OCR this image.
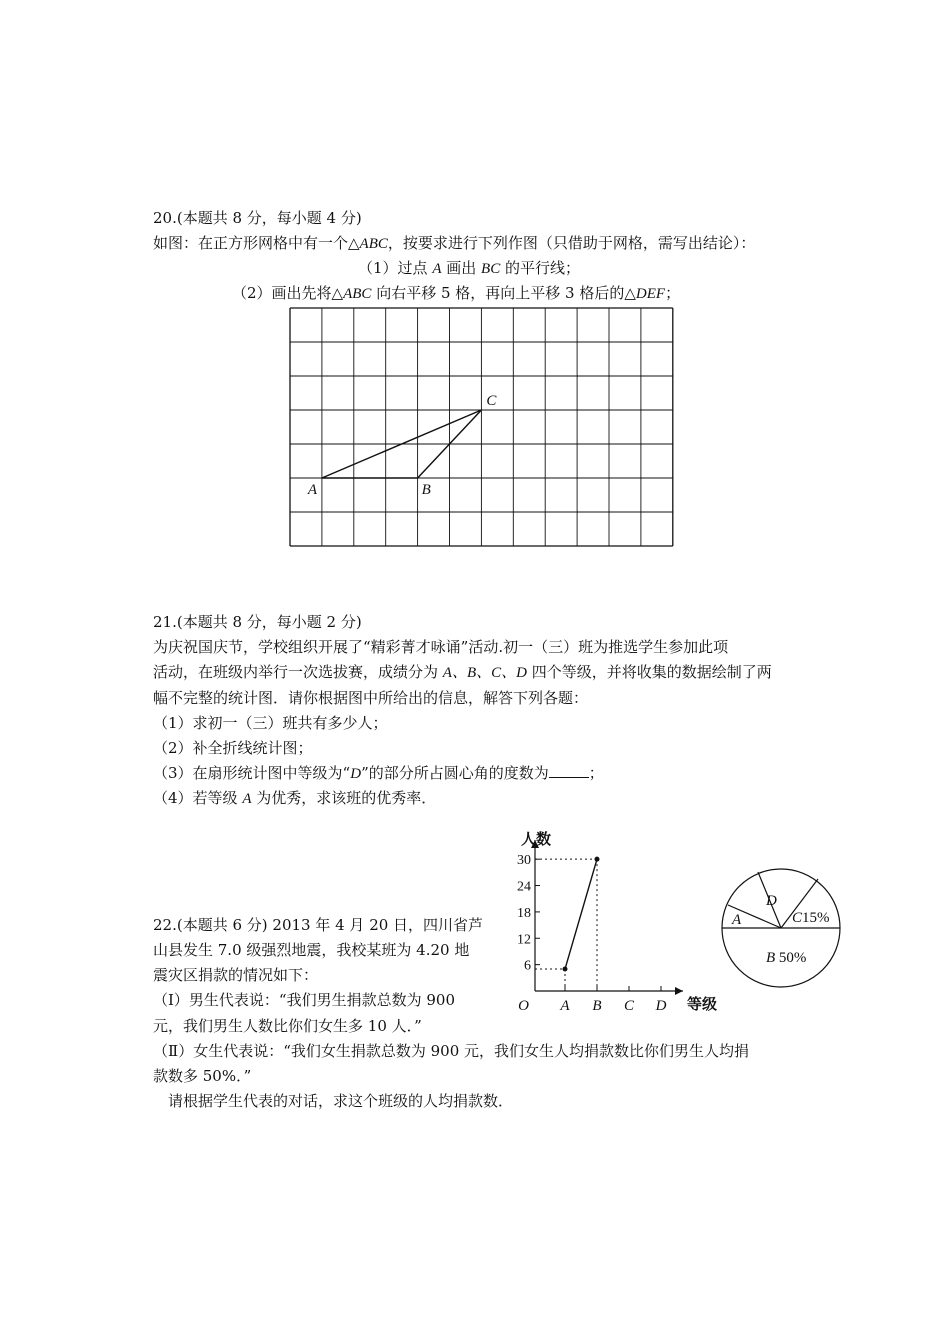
20.(本题共 8 分，每小题 4 分)
如图：在正方形网格中有一个△ABC，按要求进行下列作图（只借助于网格，需写出结论）：
（1）过点 A 画出 BC 的平行线；
（2）画出先将△ABC 向右平移 5 格，再向上平移 3 格后的△DEF；
A	B
C
21.(本题共 8 分，每小题 2 分)
为庆祝国庆节，学校组织开展了“精彩菁才咏诵”活动.初一（三）班为推选学生参加此项
活动，在班级内举行一次选拔赛，成绩分为 A、B、C、D 四个等级，并将收集的数据绘制了两
幅不完整的统计图．请你根据图中所给出的信息，解答下列各题：
（1）求初一（三）班共有多少人；
（2）补全折线统计图；
（3）在扇形统计图中等级为“D”的部分所占圆心角的度数为	；
（4）若等级 A 为优秀，求该班的优秀率．
6
12
18
24
30
A B C D
O
人数
等级
A
D
C15%
B 50%
22.(本题共 6 分) 2013 年 4 月 20 日，四川省芦
山县发生 7.0 级强烈地震，我校某班为 4.20 地
震灾区捐款的情况如下：
（Ⅰ）男生代表说：“我们男生捐款总数为 900
元，我们男生人数比你们女生多 10 人．”
（Ⅱ）女生代表说：“我们女生捐款总数为 900 元，我们女生人均捐款数比你们男生人均捐
款数多 50%．”
请根据学生代表的对话，求这个班级的人均捐款数．
